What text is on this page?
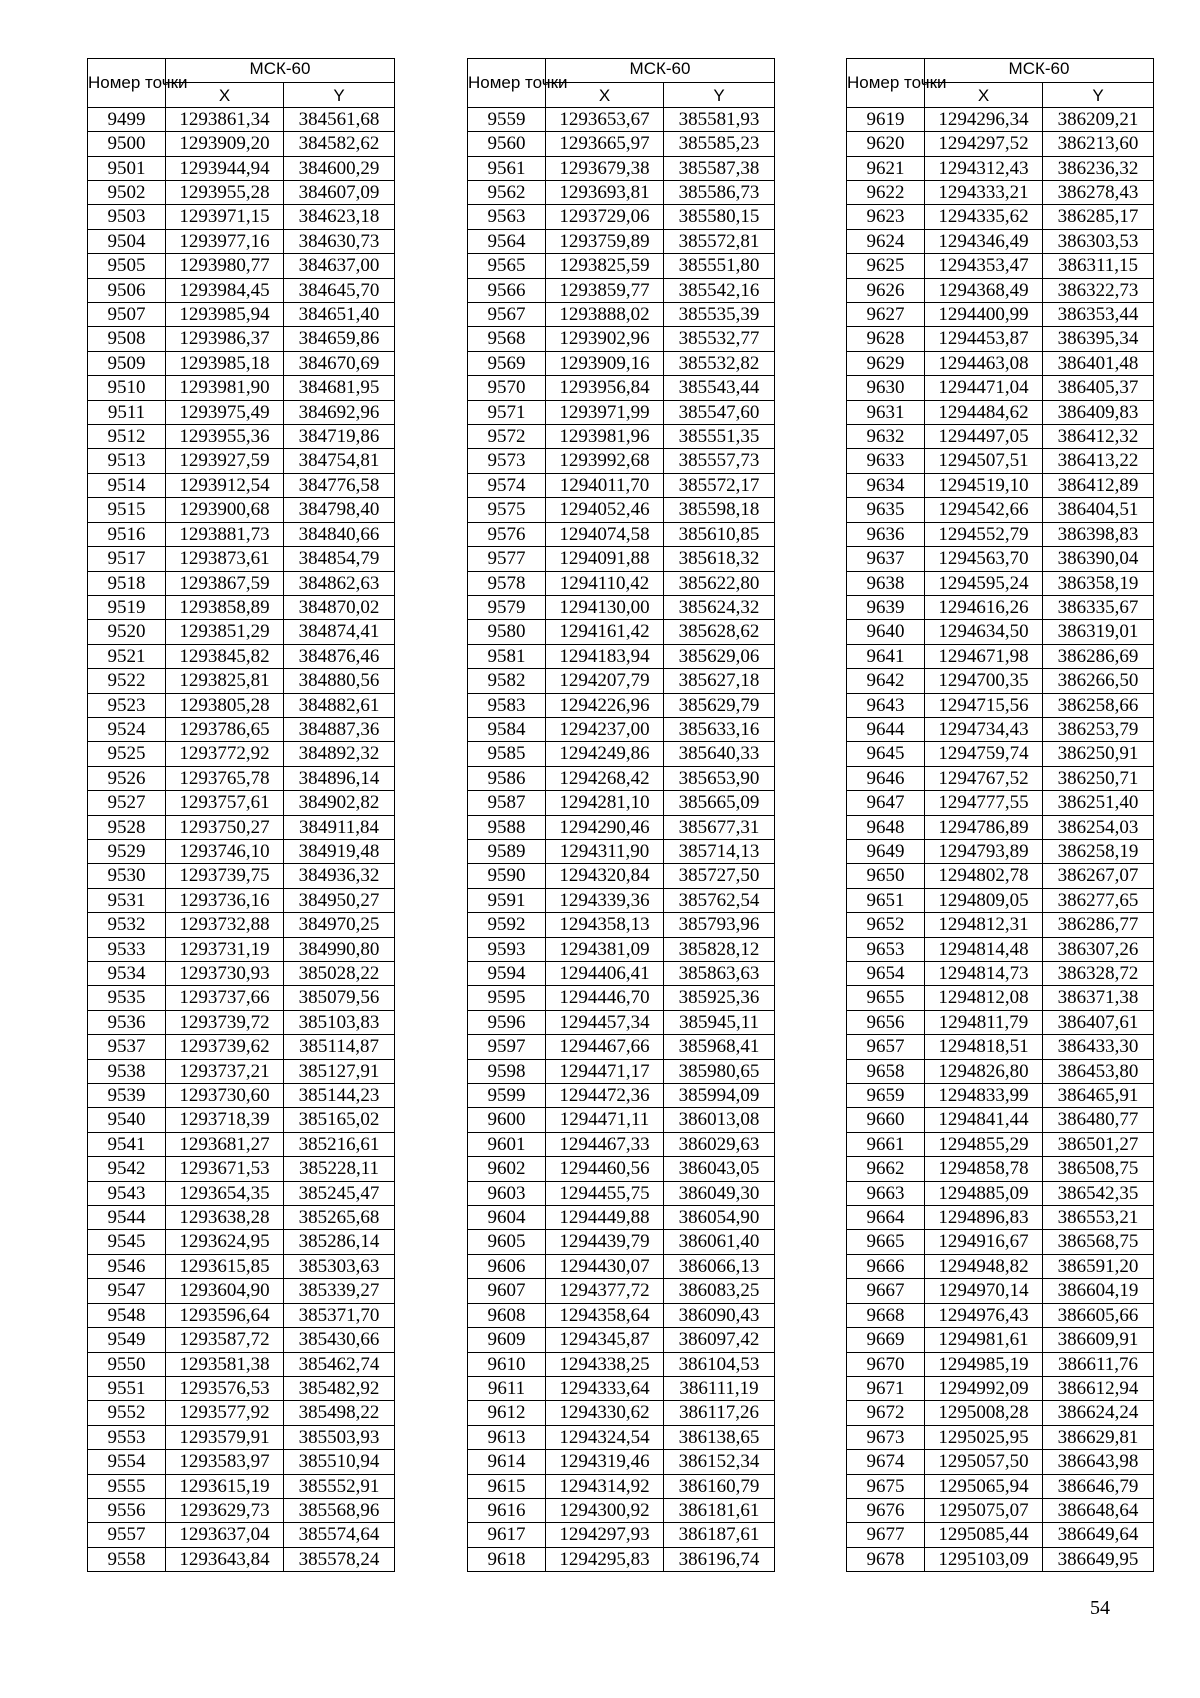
Номер точки	МСК-60	
	X	Y
9499	1293861,34	384561,68
9500	1293909,20	384582,62
9501	1293944,94	384600,29
9502	1293955,28	384607,09
9503	1293971,15	384623,18
9504	1293977,16	384630,73
9505	1293980,77	384637,00
9506	1293984,45	384645,70
9507	1293985,94	384651,40
9508	1293986,37	384659,86
9509	1293985,18	384670,69
9510	1293981,90	384681,95
9511	1293975,49	384692,96
9512	1293955,36	384719,86
9513	1293927,59	384754,81
9514	1293912,54	384776,58
9515	1293900,68	384798,40
9516	1293881,73	384840,66
9517	1293873,61	384854,79
9518	1293867,59	384862,63
9519	1293858,89	384870,02
9520	1293851,29	384874,41
9521	1293845,82	384876,46
9522	1293825,81	384880,56
9523	1293805,28	384882,61
9524	1293786,65	384887,36
9525	1293772,92	384892,32
9526	1293765,78	384896,14
9527	1293757,61	384902,82
9528	1293750,27	384911,84
9529	1293746,10	384919,48
9530	1293739,75	384936,32
9531	1293736,16	384950,27
9532	1293732,88	384970,25
9533	1293731,19	384990,80
9534	1293730,93	385028,22
9535	1293737,66	385079,56
9536	1293739,72	385103,83
9537	1293739,62	385114,87
9538	1293737,21	385127,91
9539	1293730,60	385144,23
9540	1293718,39	385165,02
9541	1293681,27	385216,61
9542	1293671,53	385228,11
9543	1293654,35	385245,47
9544	1293638,28	385265,68
9545	1293624,95	385286,14
9546	1293615,85	385303,63
9547	1293604,90	385339,27
9548	1293596,64	385371,70
9549	1293587,72	385430,66
9550	1293581,38	385462,74
9551	1293576,53	385482,92
9552	1293577,92	385498,22
9553	1293579,91	385503,93
9554	1293583,97	385510,94
9555	1293615,19	385552,91
9556	1293629,73	385568,96
9557	1293637,04	385574,64
9558	1293643,84	385578,24
Номер точки	МСК-60	
	X	Y
9559	1293653,67	385581,93
9560	1293665,97	385585,23
9561	1293679,38	385587,38
9562	1293693,81	385586,73
9563	1293729,06	385580,15
9564	1293759,89	385572,81
9565	1293825,59	385551,80
9566	1293859,77	385542,16
9567	1293888,02	385535,39
9568	1293902,96	385532,77
9569	1293909,16	385532,82
9570	1293956,84	385543,44
9571	1293971,99	385547,60
9572	1293981,96	385551,35
9573	1293992,68	385557,73
9574	1294011,70	385572,17
9575	1294052,46	385598,18
9576	1294074,58	385610,85
9577	1294091,88	385618,32
9578	1294110,42	385622,80
9579	1294130,00	385624,32
9580	1294161,42	385628,62
9581	1294183,94	385629,06
9582	1294207,79	385627,18
9583	1294226,96	385629,79
9584	1294237,00	385633,16
9585	1294249,86	385640,33
9586	1294268,42	385653,90
9587	1294281,10	385665,09
9588	1294290,46	385677,31
9589	1294311,90	385714,13
9590	1294320,84	385727,50
9591	1294339,36	385762,54
9592	1294358,13	385793,96
9593	1294381,09	385828,12
9594	1294406,41	385863,63
9595	1294446,70	385925,36
9596	1294457,34	385945,11
9597	1294467,66	385968,41
9598	1294471,17	385980,65
9599	1294472,36	385994,09
9600	1294471,11	386013,08
9601	1294467,33	386029,63
9602	1294460,56	386043,05
9603	1294455,75	386049,30
9604	1294449,88	386054,90
9605	1294439,79	386061,40
9606	1294430,07	386066,13
9607	1294377,72	386083,25
9608	1294358,64	386090,43
9609	1294345,87	386097,42
9610	1294338,25	386104,53
9611	1294333,64	386111,19
9612	1294330,62	386117,26
9613	1294324,54	386138,65
9614	1294319,46	386152,34
9615	1294314,92	386160,79
9616	1294300,92	386181,61
9617	1294297,93	386187,61
9618	1294295,83	386196,74
Номер точки	МСК-60	
	X	Y
9619	1294296,34	386209,21
9620	1294297,52	386213,60
9621	1294312,43	386236,32
9622	1294333,21	386278,43
9623	1294335,62	386285,17
9624	1294346,49	386303,53
9625	1294353,47	386311,15
9626	1294368,49	386322,73
9627	1294400,99	386353,44
9628	1294453,87	386395,34
9629	1294463,08	386401,48
9630	1294471,04	386405,37
9631	1294484,62	386409,83
9632	1294497,05	386412,32
9633	1294507,51	386413,22
9634	1294519,10	386412,89
9635	1294542,66	386404,51
9636	1294552,79	386398,83
9637	1294563,70	386390,04
9638	1294595,24	386358,19
9639	1294616,26	386335,67
9640	1294634,50	386319,01
9641	1294671,98	386286,69
9642	1294700,35	386266,50
9643	1294715,56	386258,66
9644	1294734,43	386253,79
9645	1294759,74	386250,91
9646	1294767,52	386250,71
9647	1294777,55	386251,40
9648	1294786,89	386254,03
9649	1294793,89	386258,19
9650	1294802,78	386267,07
9651	1294809,05	386277,65
9652	1294812,31	386286,77
9653	1294814,48	386307,26
9654	1294814,73	386328,72
9655	1294812,08	386371,38
9656	1294811,79	386407,61
9657	1294818,51	386433,30
9658	1294826,80	386453,80
9659	1294833,99	386465,91
9660	1294841,44	386480,77
9661	1294855,29	386501,27
9662	1294858,78	386508,75
9663	1294885,09	386542,35
9664	1294896,83	386553,21
9665	1294916,67	386568,75
9666	1294948,82	386591,20
9667	1294970,14	386604,19
9668	1294976,43	386605,66
9669	1294981,61	386609,91
9670	1294985,19	386611,76
9671	1294992,09	386612,94
9672	1295008,28	386624,24
9673	1295025,95	386629,81
9674	1295057,50	386643,98
9675	1295065,94	386646,79
9676	1295075,07	386648,64
9677	1295085,44	386649,64
9678	1295103,09	386649,95
54
